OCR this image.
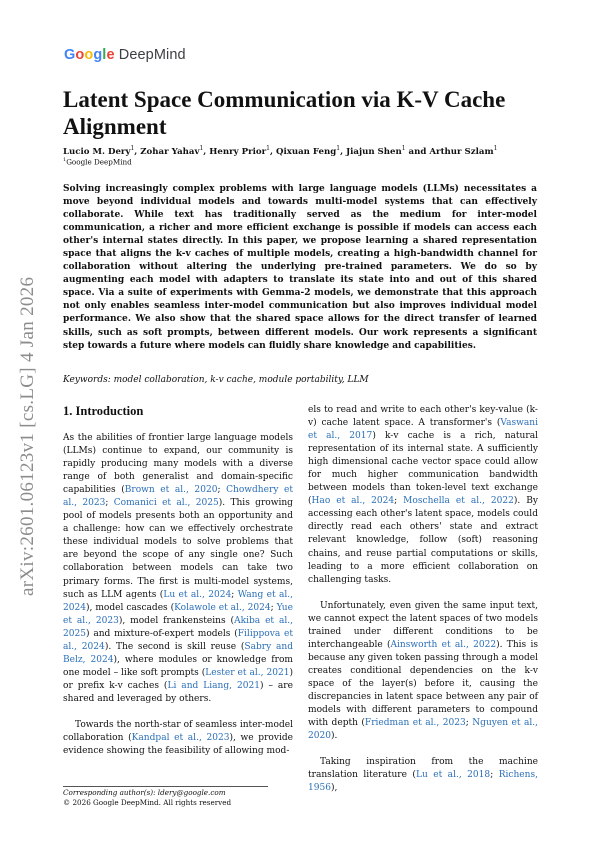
Google DeepMind
Latent Space Communication via K-V Cache Alignment
Lucio M. Dery$^1$, Zohar Yahav$^1$, Henry Prior$^1$, Qixuan Feng$^1$, Jiajun Shen$^1$ and Arthur Szlam$^1$
$^1$Google DeepMind

Solving increasingly complex problems with large language models (LLMs) necessitates a move beyond individual models and towards multi-model systems that can effectively collaborate. While text has traditionally served as the medium for inter-model communication, a richer and more efficient exchange is possible if models can access each other's internal states directly. In this paper, we propose learning a shared representation space that aligns the k-v caches of multiple models, creating a high-bandwidth channel for collaboration without altering the underlying pre-trained parameters. We do so by augmenting each model with adapters to translate its state into and out of this shared space. Via a suite of experiments with Gemma-2 models, we demonstrate that this approach not only enables seamless inter-model communication but also improves individual model performance. We also show that the shared space allows for the direct transfer of learned skills, such as soft prompts, between different models. Our work represents a significant step towards a future where models can fluidly share knowledge and capabilities.

Keywords: model collaboration, k-v cache, module portability, LLM
1. Introduction

As the abilities of frontier large language models (LLMs) continue to expand, our community is rapidly producing many models with a diverse range of both generalist and domain-specific capabilities (Brown et al., 2020; Chowdhery et al., 2023; Comanici et al., 2025). This growing pool of models presents both an opportunity and a challenge: how can we effectively orchestrate these individual models to solve problems that are beyond the scope of any single one? Such collaboration between models can take two primary forms. The first is multi-model systems, such as LLM agents (Lu et al., 2024; Wang et al., 2024), model cascades (Kolawole et al., 2024; Yue et al., 2023), model frankensteins (Akiba et al., 2025) and mixture-of-expert models (Filippova et al., 2024). The second is skill reuse (Sabry and Belz, 2024), where modules or knowledge from one model – like soft prompts (Lester et al., 2021) or prefix k-v caches (Li and Liang, 2021) – are shared and leveraged by others.

Towards the north-star of seamless inter-model collaboration (Kandpal et al., 2023), we provide evidence showing the feasibility of allowing mod-

els to read and write to each other's key-value (k-v) cache latent space. A transformer's (Vaswani et al., 2017) k-v cache is a rich, natural representation of its internal state. A sufficiently high dimensional cache vector space could allow for much higher communication bandwidth between models than token-level text exchange (Hao et al., 2024; Moschella et al., 2022). By accessing each other's latent space, models could directly read each others' state and extract relevant knowledge, follow (soft) reasoning chains, and reuse partial computations or skills, leading to a more efficient collaboration on challenging tasks.

Unfortunately, even given the same input text, we cannot expect the latent spaces of two models trained under different conditions to be interchangeable (Ainsworth et al., 2022). This is because any given token passing through a model creates conditional dependencies on the k-v space of the layer(s) before it, causing the discrepancies in latent space between any pair of models with different parameters to compound with depth (Friedman et al., 2023; Nguyen et al., 2020).

Taking inspiration from the machine translation literature (Lu et al., 2018; Richens, 1956),

arXiv:2601.06123v1 [cs.LG] 4 Jan 2026
Corresponding author(s): ldery@google.com
© 2026 Google DeepMind. All rights reserved
